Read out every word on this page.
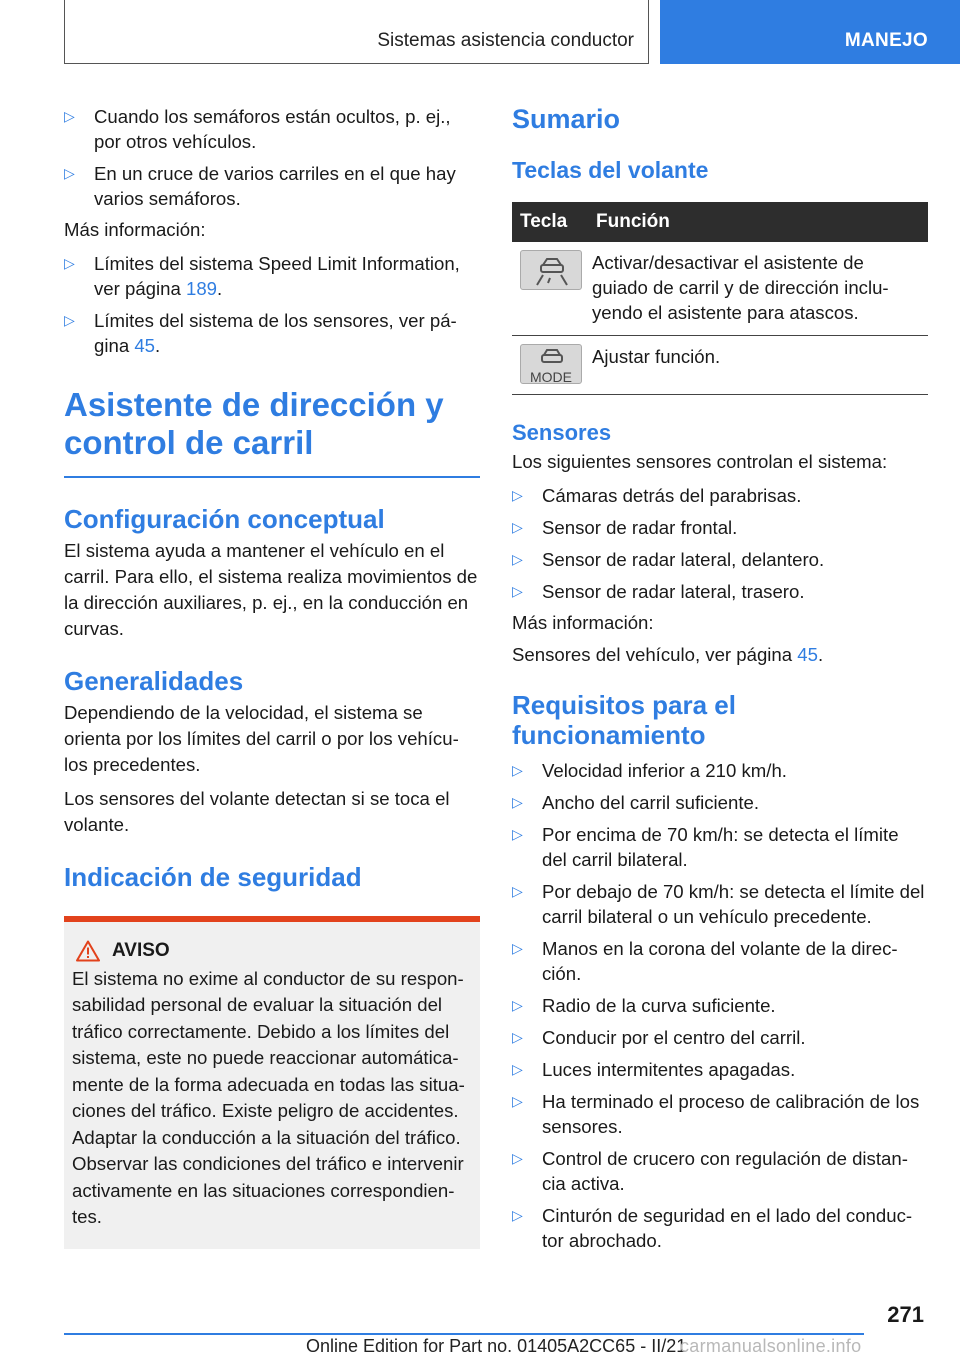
Sistemas asistencia conductor	MANEJO
▷ Cuando los semáforos están ocultos, p. ej., por otros vehículos.
▷ En un cruce de varios carriles en el que hay varios semáforos.

Más información:

▷ Límites del sistema Speed Limit Information, ver página 189.
▷ Límites del sistema de los sensores, ver pá-gina 45.
Asistente de dirección y control de carril
Configuración conceptual

El sistema ayuda a mantener el vehículo en el carril. Para ello, el sistema realiza movimientos de la dirección auxiliares, p. ej., en la conducción en curvas.

Generalidades

Dependiendo de la velocidad, el sistema se orienta por los límites del carril o por los vehícu-los precedentes.

Los sensores del volante detectan si se toca el volante.

Indicación de seguridad
AVISO

El sistema no exime al conductor de su respon-sabilidad personal de evaluar la situación del tráfico correctamente. Debido a los límites del sistema, este no puede reaccionar automática-mente de la forma adecuada en todas las situa-ciones del tráfico. Existe peligro de accidentes. Adaptar la conducción a la situación del tráfico. Observar las condiciones del tráfico e intervenir activamente en las situaciones correspondien-tes.

Sumario
Teclas del volante
Tecla	Función

	Activar/desactivar el asistente de guiado de carril y de dirección inclu-yendo el asistente para atascos.

MODE	Ajustar función.
Sensores

Los siguientes sensores controlan el sistema:

▷ Cámaras detrás del parabrisas.
▷ Sensor de radar frontal.
▷ Sensor de radar lateral, delantero.
▷ Sensor de radar lateral, trasero.

Más información:

Sensores del vehículo, ver página 45.

Requisitos para el funcionamiento
▷ Velocidad inferior a 210 km/h.
▷ Ancho del carril suficiente.
▷ Por encima de 70 km/h: se detecta el límite del carril bilateral.
▷ Por debajo de 70 km/h: se detecta el límite del carril bilateral o un vehículo precedente.
▷ Manos en la corona del volante de la direc-ción.
▷ Radio de la curva suficiente.
▷ Conducir por el centro del carril.
▷ Luces intermitentes apagadas.
▷ Ha terminado el proceso de calibración de los sensores.
▷ Control de crucero con regulación de distan-cia activa.
▷ Cinturón de seguridad en el lado del conduc-tor abrochado.
271
Online Edition for Part no. 01405A2CC65 - II/21
carmanualsonline.info
